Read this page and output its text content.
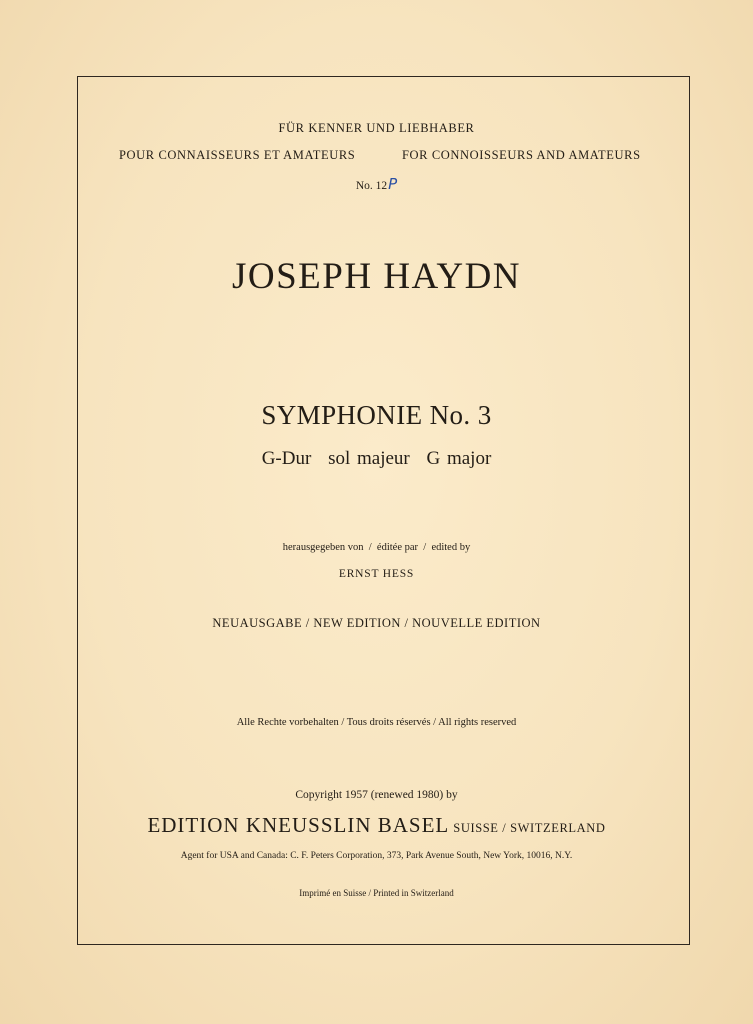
FÜR KENNER UND LIEBHABER
POUR CONNAISSEURS ET AMATEURS	FOR CONNOISSEURS AND AMATEURS
No. 12P
JOSEPH HAYDN
SYMPHONIE No. 3
G-Dur sol majeur G major
herausgegeben von  /  éditée par  /  edited by
ERNST HESS
NEUAUSGABE / NEW EDITION / NOUVELLE EDITION
Alle Rechte vorbehalten / Tous droits réservés / All rights reserved
Copyright 1957 (renewed 1980) by
EDITION KNEUSSLIN BASEL SUISSE / SWITZERLAND
Agent for USA and Canada: C. F. Peters Corporation, 373, Park Avenue South, New York, 10016, N.Y.
Imprimé en Suisse / Printed in Switzerland
